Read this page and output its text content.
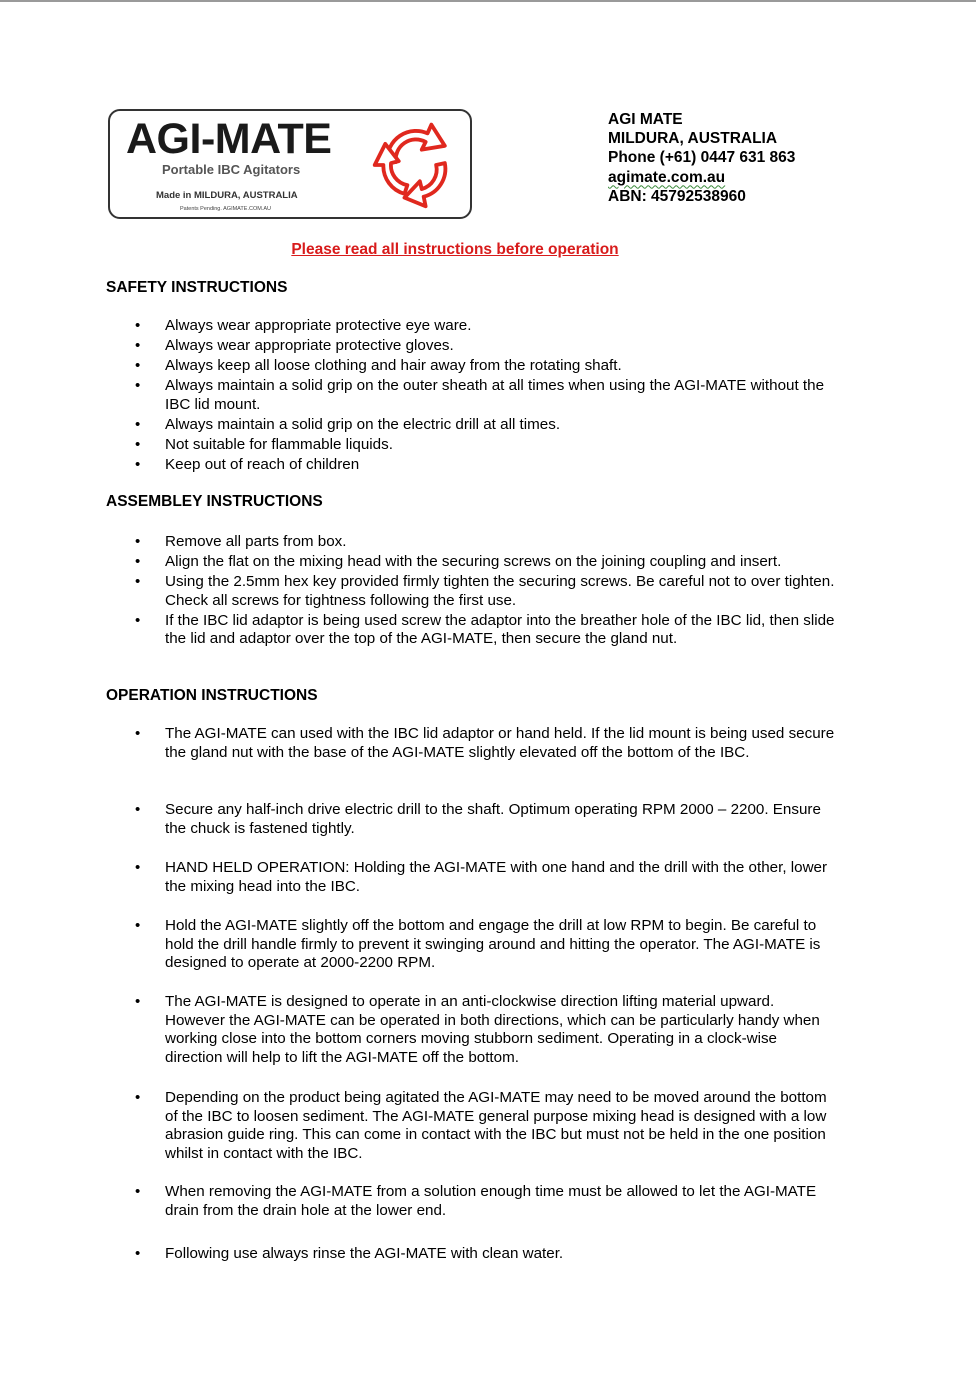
AGI-MATE
Portable IBC Agitators
Made in MILDURA, AUSTRALIA
Patents Pending. AGIMATE.COM.AU
AGI MATE
MILDURA, AUSTRALIA
Phone (+61) 0447 631 863
agimate.com.au
ABN: 45792538960
Please read all instructions before operation
SAFETY INSTRUCTIONS
• Always wear appropriate protective eye ware.
• Always wear appropriate protective gloves.
• Always keep all loose clothing and hair away from the rotating shaft.
• Always maintain a solid grip on the outer sheath at all times when using the AGI-MATE without the IBC lid mount.
• Always maintain a solid grip on the electric drill at all times.
• Not suitable for flammable liquids.
• Keep out of reach of children
ASSEMBLEY INSTRUCTIONS
• Remove all parts from box.
• Align the flat on the mixing head with the securing screws on the joining coupling and insert.
• Using the 2.5mm hex key provided firmly tighten the securing screws. Be careful not to over tighten. Check all screws for tightness following the first use.
• If the IBC lid adaptor is being used screw the adaptor into the breather hole of the IBC lid, then slide the lid and adaptor over the top of the AGI-MATE, then secure the gland nut.
OPERATION INSTRUCTIONS
• The AGI-MATE can used with the IBC lid adaptor or hand held. If the lid mount is being used secure the gland nut with the base of the AGI-MATE slightly elevated off the bottom of the IBC.
• Secure any half-inch drive electric drill to the shaft. Optimum operating RPM 2000 – 2200. Ensure the chuck is fastened tightly.
• HAND HELD OPERATION: Holding the AGI-MATE with one hand and the drill with the other, lower the mixing head into the IBC.
• Hold the AGI-MATE slightly off the bottom and engage the drill at low RPM to begin. Be careful to hold the drill handle firmly to prevent it swinging around and hitting the operator. The AGI-MATE is designed to operate at 2000-2200 RPM.
• The AGI-MATE is designed to operate in an anti-clockwise direction lifting material upward. However the AGI-MATE can be operated in both directions, which can be particularly handy when working close into the bottom corners moving stubborn sediment. Operating in a clock-wise direction will help to lift the AGI-MATE off the bottom.
• Depending on the product being agitated the AGI-MATE may need to be moved around the bottom of the IBC to loosen sediment. The AGI-MATE general purpose mixing head is designed with a low abrasion guide ring. This can come in contact with the IBC but must not be held in the one position whilst in contact with the IBC.
• When removing the AGI-MATE from a solution enough time must be allowed to let the AGI-MATE drain from the drain hole at the lower end.
• Following use always rinse the AGI-MATE with clean water.
